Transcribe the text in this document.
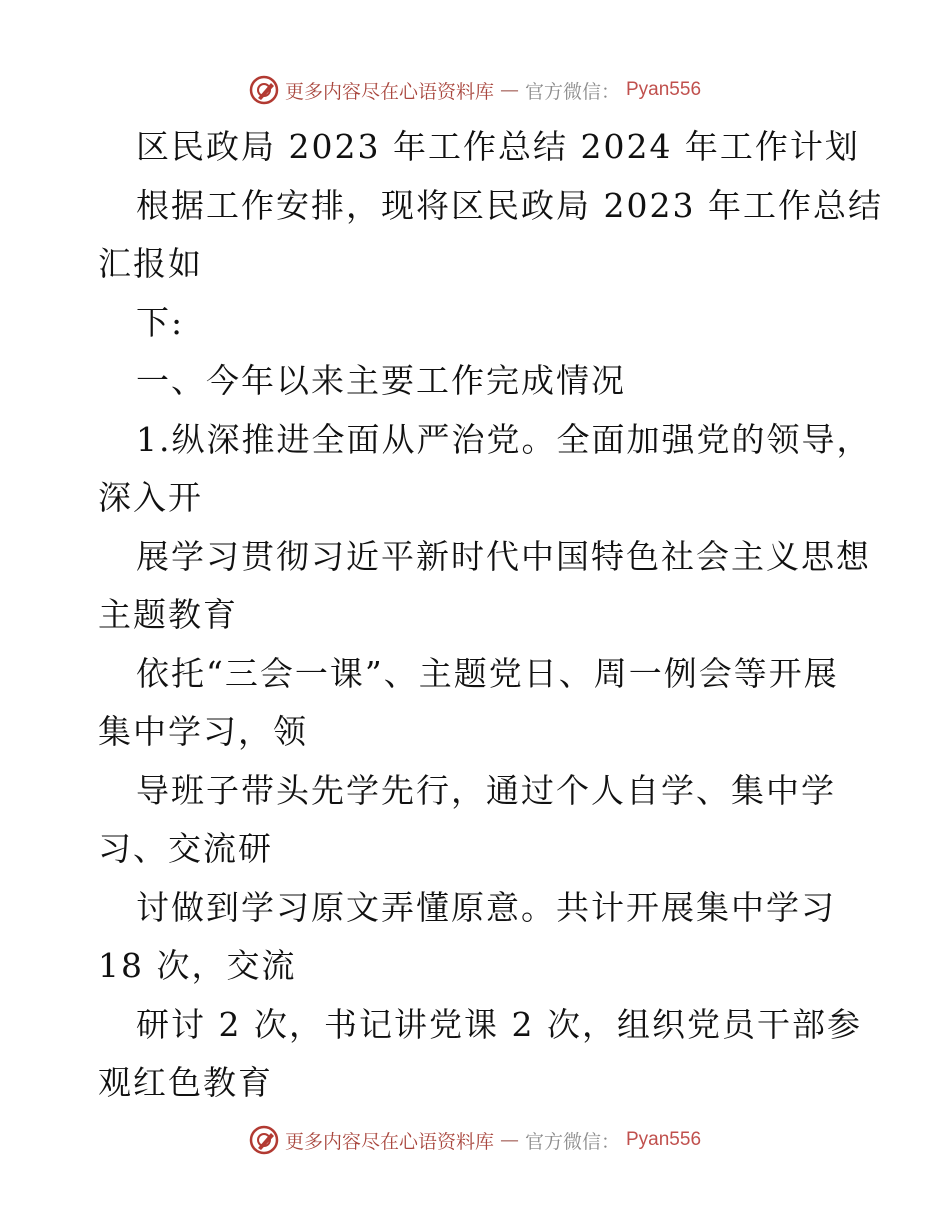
更多内容尽在心语资料库 — 官方微信： Pyan556
区民政局 2023 年工作总结 2024 年工作计划
根据工作安排，现将区民政局 2023 年工作总结
汇报如
下:
一、今年以来主要工作完成情况
1.纵深推进全面从严治党。全面加强党的领导，
深入开
展学习贯彻习近平新时代中国特色社会主义思想
主题教育
依托“三会一课”、主题党日、周一例会等开展
集中学习，领
导班子带头先学先行，通过个人自学、集中学
习、交流研
讨做到学习原文弄懂原意。共计开展集中学习
18 次，交流
研讨 2 次，书记讲党课 2 次，组织党员干部参
观红色教育
更多内容尽在心语资料库 — 官方微信： Pyan556
